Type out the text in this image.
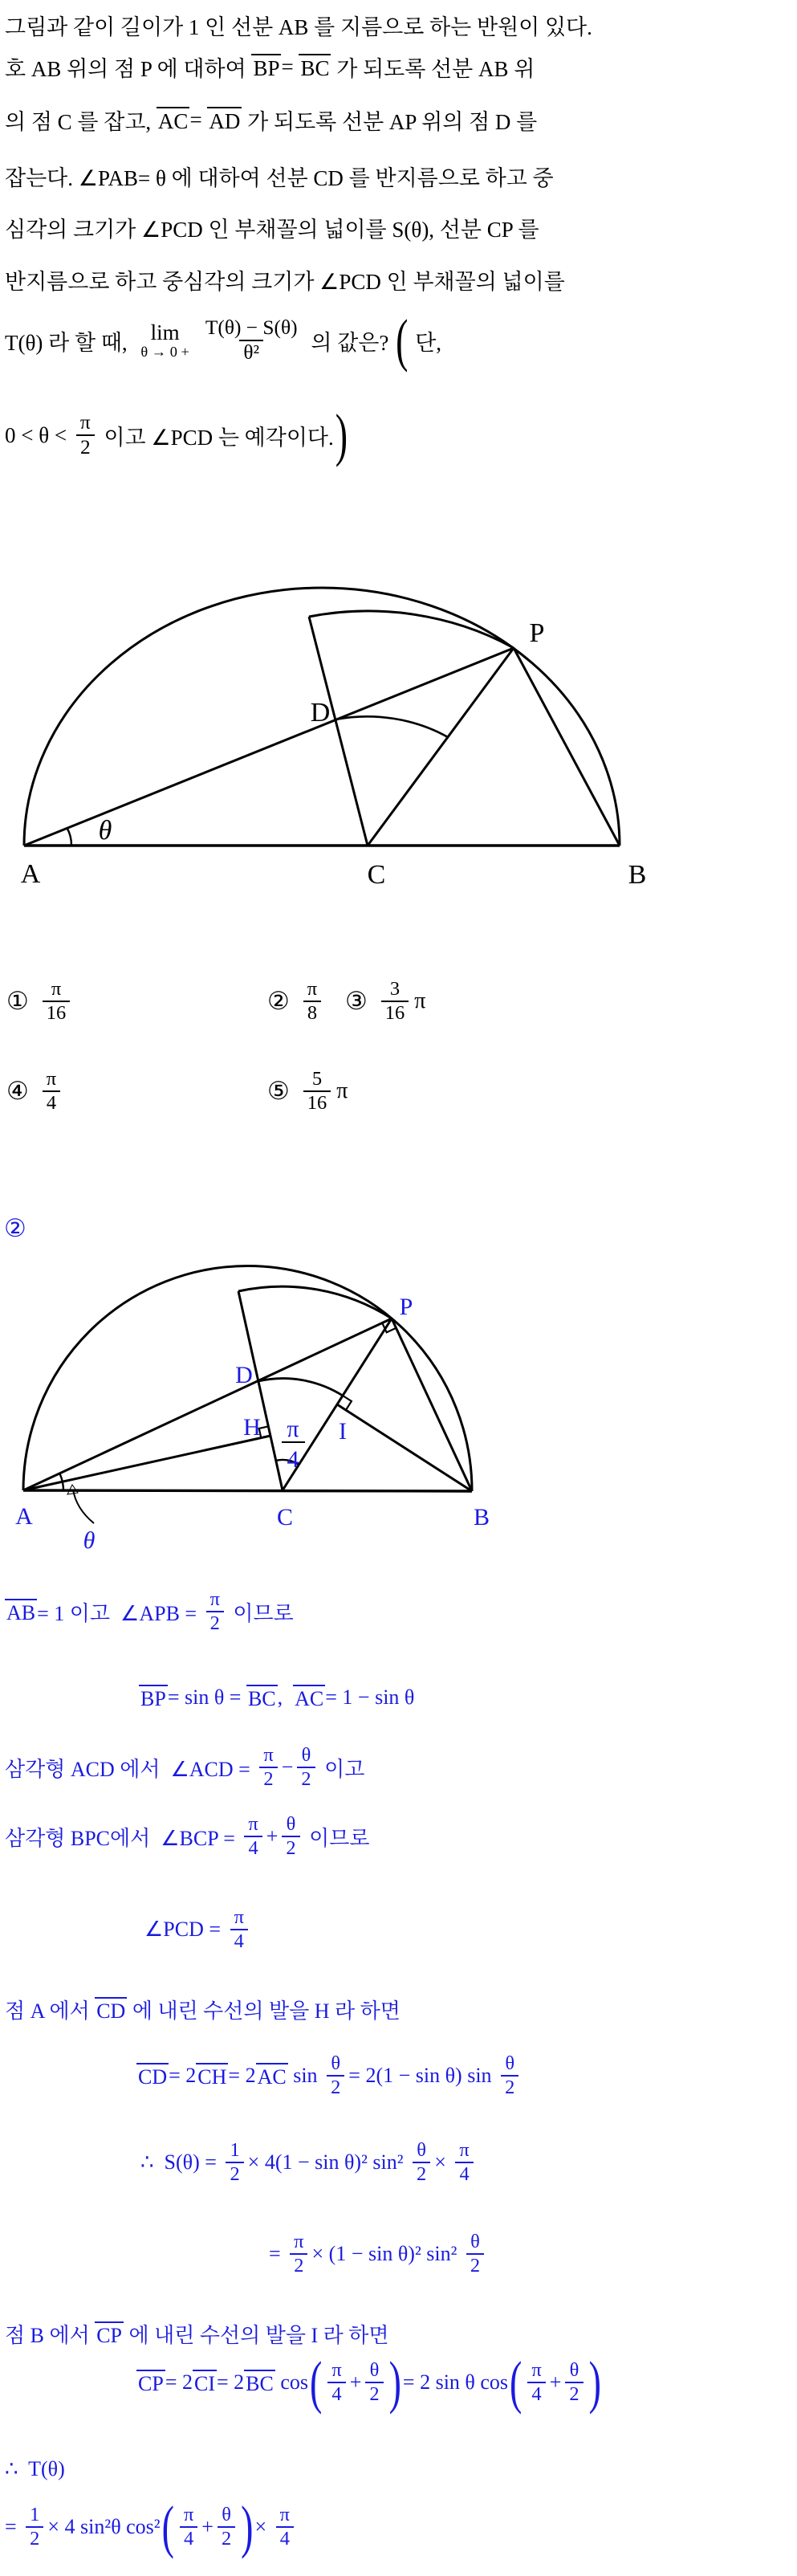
그림과 같이 길이가 1 인 선분 AB 를 지름으로 하는 반원이 있다.
호 AB 위의 점 P 에 대하여 BP = BC 가 되도록 선분 AB 위
의 점 C 를 잡고, AC = AD 가 되도록 선분 AP 위의 점 D 를
잡는다. ∠PAB= θ 에 대하여 선분 CD 를 반지름으로 하고 중
심각의 크기가 ∠PCD 인 부채꼴의 넓이를 S(θ), 선분 CP 를
반지름으로 하고 중심각의 크기가 ∠PCD 인 부채꼴의 넓이를
T(θ) 라 할 때, lim
$\theta \to 0 + \frac{T(\theta) - S(\theta)}{\text{θ²}}$ 의 값은? ( 단,
$0 < \theta < \frac{\pi}{2}$ 이고 ∠PCD 는 예각이다. )
A	C	B
D
P
θ
① $\frac{\pi}{16}$	② $\frac{\pi}{8}$ ③ $\frac{3}{16}$ π
④ $\frac{\pi}{4}$	⑤ $\frac{5}{16}$ π
②
A	C	B
P
D
H	I
θ
π
4
AB = 1 이고  ∠APB = $\frac{\pi}{2}$ 이므로
BP = sin θ = BC , AC = 1 − sin θ
삼각형 ACD 에서  ∠ACD = $\frac{\pi}{2} - \frac{\theta}{2}$ 이고
삼각형 BPC에서  ∠BCP = $\frac{\pi}{4} + \frac{\theta}{2}$ 이므로
∠PCD = $\frac{\pi}{4}$
점 A 에서 CD 에 내린 수선의 발을 H 라 하면
CD = 2 CH = 2 AC $\sin \frac{\theta}{2} = 2(1 - \sin \theta)$ $\sin \frac{\theta}{2}$
∴  $S(\theta) = \frac{1}{2} \times 4(1 - \sin \theta)^2$ $\sin^2 \frac{\theta}{2} \times \frac{\pi}{4}$
= $\frac{\pi}{2} \times (1 - \sin \theta)^2$ $\sin^2 \frac{\theta}{2}$
점 B 에서 CP 에 내린 수선의 발을 I 라 하면
CP = 2 CI = 2 BC cos ( $\frac{\pi}{4} + \frac{\theta}{2}$ ) = 2 sin θ cos ( $\frac{\pi}{4} + \frac{\theta}{2}$ )
∴  T(θ)
= $\frac{1}{2} \times 4$ sin²θ cos² ( $\frac{\pi}{4} + \frac{\theta}{2}$ ) × $\frac{\pi}{4}$
